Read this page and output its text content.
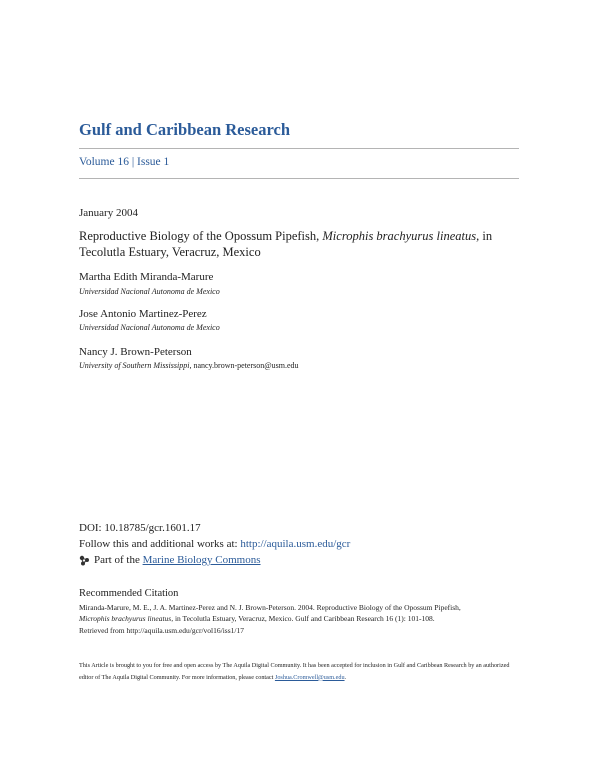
Gulf and Caribbean Research
Volume 16 | Issue 1
January 2004
Reproductive Biology of the Opossum Pipefish, Microphis brachyurus lineatus, in Tecolutla Estuary, Veracruz, Mexico
Martha Edith Miranda-Marure
Universidad Nacional Autonoma de Mexico
Jose Antonio Martinez-Perez
Universidad Nacional Autonoma de Mexico
Nancy J. Brown-Peterson
University of Southern Mississippi, nancy.brown-peterson@usm.edu
DOI: 10.18785/gcr.1601.17
Follow this and additional works at: http://aquila.usm.edu/gcr
Part of the
Marine Biology Commons
Recommended Citation
Miranda-Marure, M. E., J. A. Martinez-Perez and N. J. Brown-Peterson. 2004. Reproductive Biology of the Opossum Pipefish,
Microphis brachyurus lineatus, in Tecolutla Estuary, Veracruz, Mexico. Gulf and Caribbean Research 16 (1): 101-108.
Retrieved from http://aquila.usm.edu/gcr/vol16/iss1/17
This Article is brought to you for free and open access by The Aquila Digital Community. It has been accepted for inclusion in Gulf and Caribbean Research by an authorized editor of The Aquila Digital Community. For more information, please contact Joshua.Cromwell@usm.edu.
